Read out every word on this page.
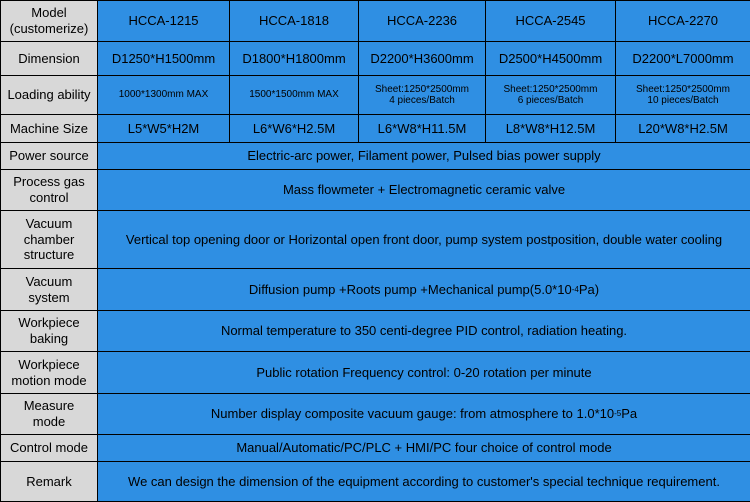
Model
(customerize)	HCCA-1215	HCCA-1818	HCCA-2236	HCCA-2545	HCCA-2270
Dimension	D1250*H1500mm	D1800*H1800mm	D2200*H3600mm	D2500*H4500mm	D2200*L7000mm
Loading ability	1000*1300mm MAX	1500*1500mm MAX	Sheet:1250*2500mm
4 pieces/Batch	Sheet:1250*2500mm
6 pieces/Batch	Sheet:1250*2500mm
10 pieces/Batch
Machine Size	L5*W5*H2M	L6*W6*H2.5M	L6*W8*H11.5M	L8*W8*H12.5M	L20*W8*H2.5M
Power source	Electric-arc power, Filament power, Pulsed bias power supply				
Process gas
control	Mass flowmeter + Electromagnetic ceramic valve				
Vacuum
chamber
structure	Vertical top opening door or Horizontal open front door, pump system postposition, double water cooling				
Vacuum
system	Diffusion pump +Roots pump +Mechanical $pump(5.0*10^{-4}Pa)$				
Workpiece
baking	Normal temperature to 350 centi-degree PID control, radiation heating.				
Workpiece
motion mode	Public rotation Frequency control: 0-20 rotation per minute				
Measure
mode	Number display composite vacuum gauge: from atmosphere to $1.0*10^{-5}Pa$				
Control mode	Manual/Automatic/PC/PLC + HMI/PC four choice of control mode				
Remark	We can design the dimension of the equipment according to customer's special technique requirement.				
